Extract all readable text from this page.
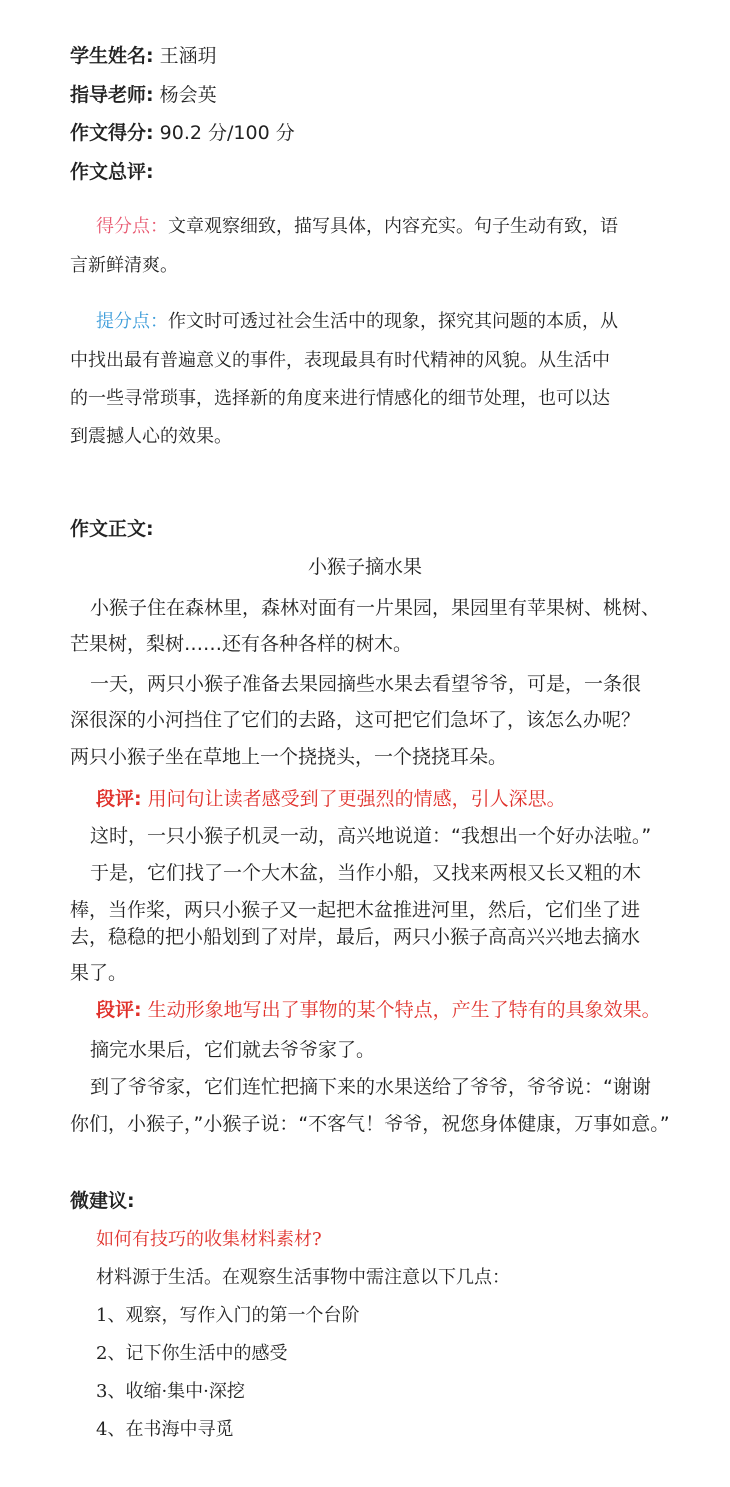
学生姓名: 王涵玥
指导老师: 杨会英
作文得分: 90.2 分/100 分
作文总评:
得分点：文章观察细致，描写具体，内容充实。句子生动有致，语
言新鲜清爽。
提分点：作文时可透过社会生活中的现象，探究其问题的本质，从
中找出最有普遍意义的事件，表现最具有时代精神的风貌。从生活中
的一些寻常琐事，选择新的角度来进行情感化的细节处理，也可以达
到震撼人心的效果。
作文正文:
小猴子摘水果
小猴子住在森林里，森林对面有一片果园，果园里有苹果树、桃树、
芒果树，梨树……还有各种各样的树木。
一天，两只小猴子准备去果园摘些水果去看望爷爷，可是，一条很
深很深的小河挡住了它们的去路，这可把它们急坏了，该怎么办呢？
两只小猴子坐在草地上一个挠挠头，一个挠挠耳朵。
段评: 用问句让读者感受到了更强烈的情感，引人深思。
这时，一只小猴子机灵一动，高兴地说道：“我想出一个好办法啦。”
于是，它们找了一个大木盆，当作小船，又找来两根又长又粗的木
棒，当作桨，两只小猴子又一起把木盆推进河里，然后，它们坐了进
去，稳稳的把小船划到了对岸，最后，两只小猴子高高兴兴地去摘水
果了。
段评: 生动形象地写出了事物的某个特点，产生了特有的具象效果。
摘完水果后，它们就去爷爷家了。
到了爷爷家，它们连忙把摘下来的水果送给了爷爷，爷爷说：“谢谢
你们，小猴子，”小猴子说：“不客气！爷爷，祝您身体健康，万事如意。”
微建议:
如何有技巧的收集材料素材?
材料源于生活。在观察生活事物中需注意以下几点：
1、观察，写作入门的第一个台阶
2、记下你生活中的感受
3、收缩·集中·深挖
4、在书海中寻觅
